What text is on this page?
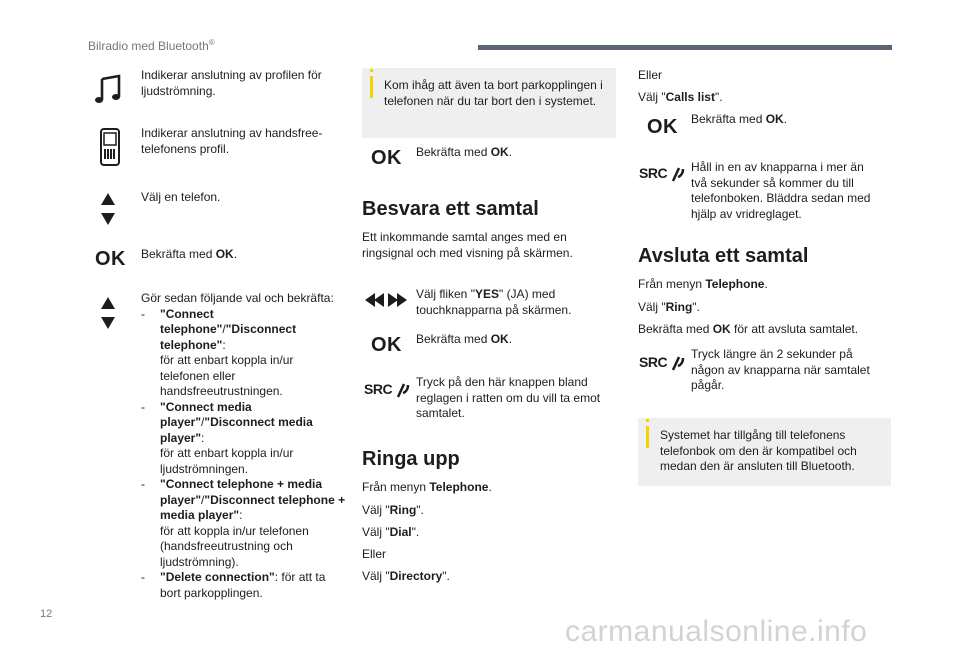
Bilradio med Bluetooth®
Indikerar anslutning av profilen för ljudströmning.
Indikerar anslutning av handsfree-telefonens profil.
Välj en telefon.
OK Bekräfta med OK.
Gör sedan följande val och bekräfta:
- "Connect telephone"/"Disconnect telephone":
för att enbart koppla in/ur telefonen eller handsfreeutrustningen.
- "Connect media player"/"Disconnect media player":
för att enbart koppla in/ur ljudströmningen.
- "Connect telephone + media player"/"Disconnect telephone + media player":
för att koppla in/ur telefonen (handsfreeutrustning och ljudströmning).
- "Delete connection": för att ta bort parkopplingen.
Kom ihåg att även ta bort parkopplingen i telefonen när du tar bort den i systemet.
OK Bekräfta med OK.
Besvara ett samtal
Ett inkommande samtal anges med en ringsignal och med visning på skärmen.
Välj fliken "YES" (JA) med touchknapparna på skärmen.
OK Bekräfta med OK.
SRC	Tryck på den här knappen bland reglagen i ratten om du vill ta emot samtalet.
Ringa upp
Från menyn Telephone.
Välj "Ring".
Välj "Dial".
Eller
Välj "Directory".
Eller
Välj "Calls list".
OK Bekräfta med OK.
SRC	Håll in en av knapparna i mer än två sekunder så kommer du till telefonboken. Bläddra sedan med hjälp av vridreglaget.
Avsluta ett samtal
Från menyn Telephone.
Välj "Ring".
Bekräfta med OK för att avsluta samtalet.
SRC	Tryck längre än 2 sekunder på någon av knapparna när samtalet pågår.
Systemet har tillgång till telefonens telefonbok om den är kompatibel och medan den är ansluten till Bluetooth.
12
carmanualsonline.info
